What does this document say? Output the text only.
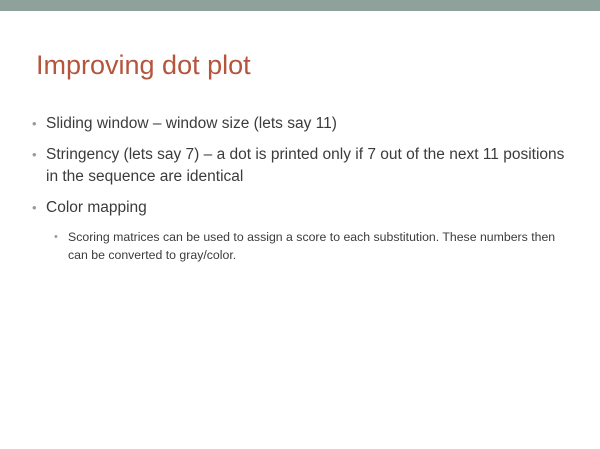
Improving dot plot
• Sliding window – window size (lets say 11)
• Stringency (lets say 7) – a dot is printed only if 7 out of the next 11 positions in the sequence are identical
• Color mapping
• Scoring matrices can be used to assign a score to each substitution. These numbers then can be converted to gray/color.
